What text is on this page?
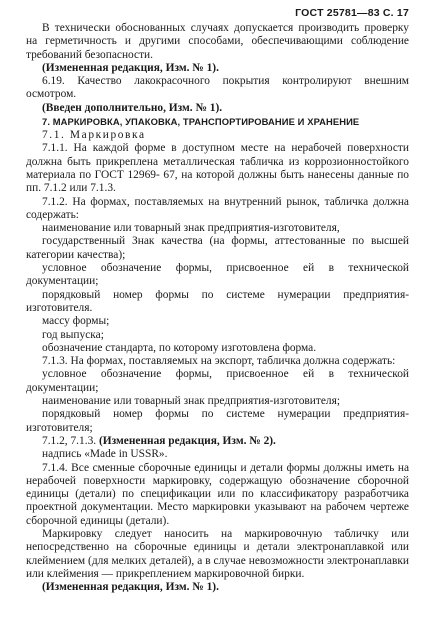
ГОСТ 25781—83 С. 17

В технически обоснованных случаях допускается производить проверку на герметичность и другими способами, обеспечивающими соблюдение требований безопасности.

(Измененная редакция, Изм. № 1).

6.19. Качество лакокрасочного покрытия контролируют внешним осмотром.

(Введен дополнительно, Изм. № 1).

7. МАРКИРОВКА, УПАКОВКА, ТРАНСПОРТИРОВАНИЕ И ХРАНЕНИЕ

7.1. Маркировка

7.1.1. На каждой форме в доступном месте на нерабочей поверхности должна быть прикреплена металлическая табличка из коррозионностойкого материала по ГОСТ 12969- 67, на которой должны быть нанесены данные по пп. 7.1.2 или 7.1.3.

7.1.2. На формах, поставляемых на внутренний рынок, табличка должна содержать:

наименование или товарный знак предприятия-изготовителя,

государственный Знак качества (на формы, аттестованные по высшей категории качества);

условное обозначение формы, присвоенное ей в технической документации;

порядковый номер формы по системе нумерации предприятия-изготовителя.

массу формы;

год выпуска;

обозначение стандарта, по которому изготовлена форма.

7.1.3. На формах, поставляемых на экспорт, табличка должна содержать:

условное обозначение формы, присвоенное ей в технической документации;

наименование или товарный знак предприятия-изготовителя;

порядковый номер формы по системе нумерации предприятия-изготовителя;

7.1.2, 7.1.3. (Измененная редакция, Изм. № 2).

надпись «Made in USSR».

7.1.4. Все сменные сборочные единицы и детали формы должны иметь на нерабочей поверхности маркировку, содержащую обозначение сборочной единицы (детали) по спецификации или по классификатору разработчика проектной документации. Место маркировки указывают на рабочем чертеже сборочной единицы (детали).

Маркировку следует наносить на маркировочную табличку или непосредственно на сборочные единицы и детали электронаплавкой или клеймением (для мелких деталей), а в случае невозможности электронаплавки или клеймения — прикреплением маркировочной бирки.

(Измененная редакция, Изм. № 1).
